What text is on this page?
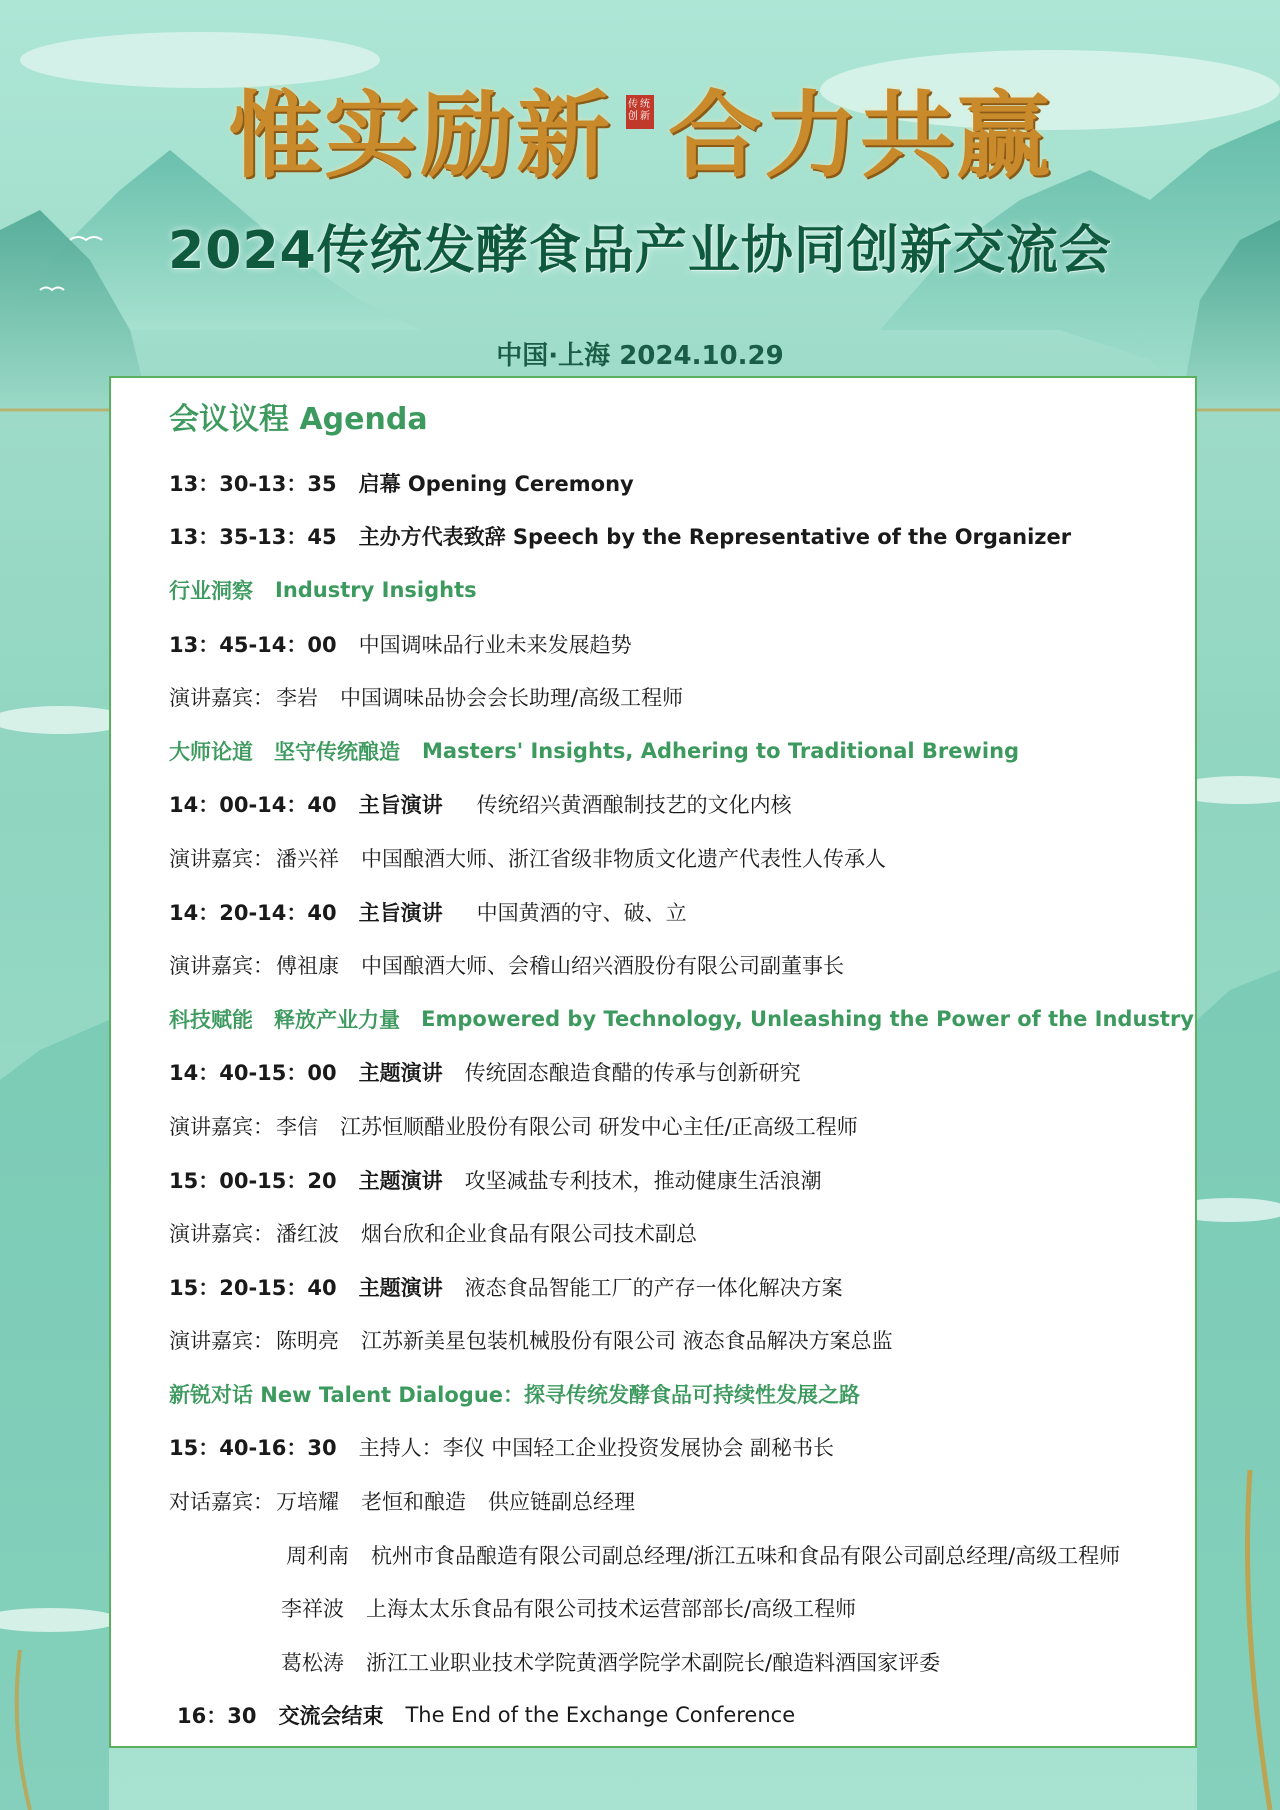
惟实励新 传统创新 合力共赢
2024传统发酵食品产业协同创新交流会
中国·上海 2024.10.29
会议议程 Agenda
13：30-13：35 启幕 Opening Ceremony
13：35-13：45 主办方代表致辞 Speech by the Representative of the Organizer
行业洞察 Industry Insights
13：45-14：00 中国调味品行业未来发展趋势
演讲嘉宾： 李岩 中国调味品协会会长助理/高级工程师
大师论道　坚守传统酿造 Masters' Insights, Adhering to Traditional Brewing
14：00-14：40 主旨演讲 传统绍兴黄酒酿制技艺的文化内核
演讲嘉宾： 潘兴祥 中国酿酒大师、浙江省级非物质文化遗产代表性人传承人
14：20-14：40 主旨演讲 中国黄酒的守、破、立
演讲嘉宾： 傅祖康 中国酿酒大师、会稽山绍兴酒股份有限公司副董事长
科技赋能　释放产业力量 Empowered by Technology, Unleashing the Power of the Industry
14：40-15：00 主题演讲 传统固态酿造食醋的传承与创新研究
演讲嘉宾： 李信 江苏恒顺醋业股份有限公司 研发中心主任/正高级工程师
15：00-15：20 主题演讲 攻坚减盐专利技术，推动健康生活浪潮
演讲嘉宾： 潘红波 烟台欣和企业食品有限公司技术副总
15：20-15：40 主题演讲 液态食品智能工厂的产存一体化解决方案
演讲嘉宾： 陈明亮 江苏新美星包装机械股份有限公司 液态食品解决方案总监
新锐对话 New Talent Dialogue：探寻传统发酵食品可持续性发展之路
15：40-16：30 主持人：李仪 中国轻工企业投资发展协会 副秘书长
对话嘉宾： 万培耀 老恒和酿造 供应链副总经理
周利南 杭州市食品酿造有限公司副总经理/浙江五味和食品有限公司副总经理/高级工程师
李祥波 上海太太乐食品有限公司技术运营部部长/高级工程师
葛松涛 浙江工业职业技术学院黄酒学院学术副院长/酿造料酒国家评委
16：30 交流会结束 The End of the Exchange Conference
